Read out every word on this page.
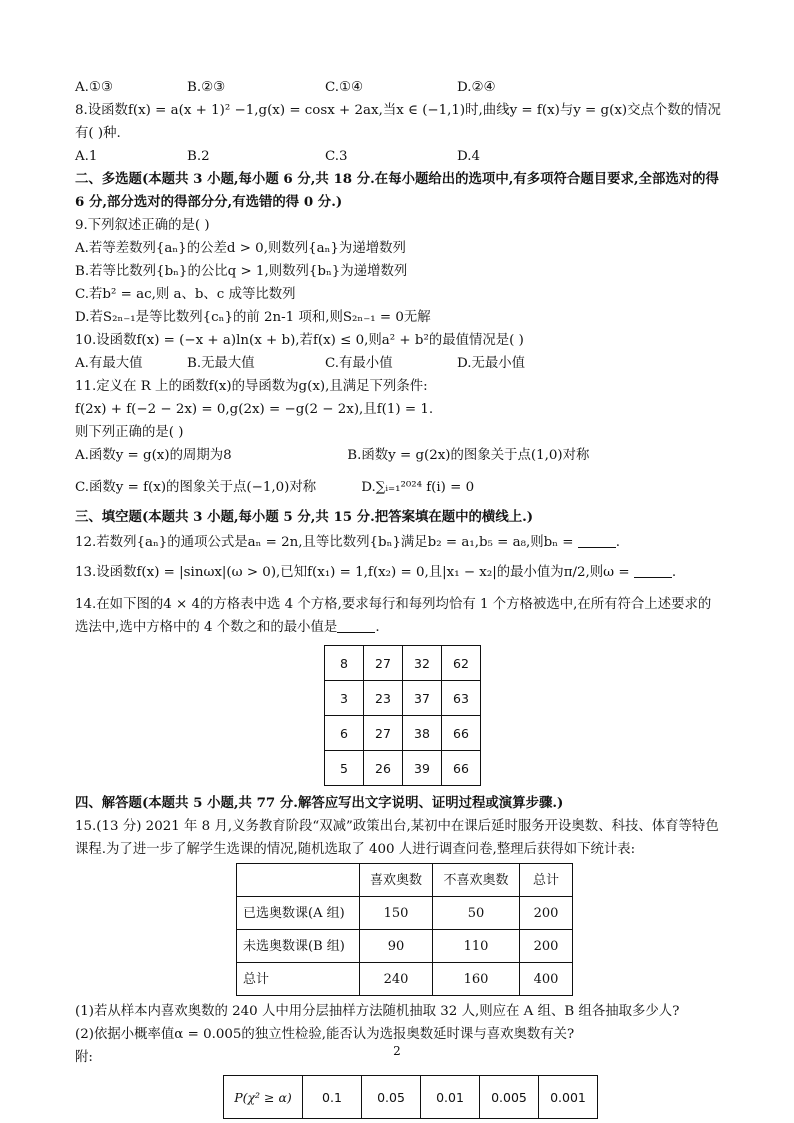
A.①③	B.②③	C.①④	D.②④
8.设函数f(x) = a(x + 1)² −1,g(x) = cosx + 2ax,当x ∈ (−1,1)时,曲线y = f(x)与y = g(x)交点个数的情况
有( )种.
A.1	B.2	C.3	D.4
二、多选题(本题共 3 小题,每小题 6 分,共 18 分.在每小题给出的选项中,有多项符合题目要求,全部选对的得
6 分,部分选对的得部分分,有选错的得 0 分.)
9.下列叙述正确的是( )
A.若等差数列{aₙ}的公差d > 0,则数列{aₙ}为递增数列
B.若等比数列{bₙ}的公比q > 1,则数列{bₙ}为递增数列
C.若b² = ac,则 a、b、c 成等比数列
D.若S₂ₙ₋₁是等比数列{cₙ}的前 2n-1 项和,则S₂ₙ₋₁ = 0无解
10.设函数f(x) = (−x + a)ln(x + b),若f(x) ≤ 0,则a² + b²的最值情况是( )
A.有最大值	B.无最大值	C.有最小值	D.无最小值
11.定义在 R 上的函数f(x)的导函数为g(x),且满足下列条件:
f(2x) + f(−2 − 2x) = 0,g(2x) = −g(2 − 2x),且f(1) = 1.
则下列正确的是( )
A.函数y = g(x)的周期为8	B.函数y = g(2x)的图象关于点(1,0)对称
C.函数y = f(x)的图象关于点(−1,0)对称	D.∑ᵢ₌₁²⁰²⁴ f(i) = 0
三、填空题(本题共 3 小题,每小题 5 分,共 15 分.把答案填在题中的横线上.)
12.若数列{aₙ}的通项公式是aₙ = 2n,且等比数列{bₙ}满足b₂ = a₁,b₅ = a₈,则bₙ =	.
13.设函数f(x) = |sinωx|(ω > 0),已知f(x₁) = 1,f(x₂) = 0,且|x₁ − x₂|的最小值为π/2,则ω =	.
14.在如下图的4 × 4的方格表中选 4 个方格,要求每行和每列均恰有 1 个方格被选中,在所有符合上述要求的
选法中,选中方格中的 4 个数之和的最小值是	.
8	27	32	62
3	23	37	63
6	27	38	66
5	26	39	66
四、解答题(本题共 5 小题,共 77 分.解答应写出文字说明、证明过程或演算步骤.)
15.(13 分) 2021 年 8 月,义务教育阶段“双减”政策出台,某初中在课后延时服务开设奥数、科技、体育等特色
课程.为了进一步了解学生选课的情况,随机选取了 400 人进行调查问卷,整理后获得如下统计表:
	喜欢奥数	不喜欢奥数	总计
已选奥数课(A 组)	150	50	200
未选奥数课(B 组)	90	110	200
总计	240	160	400
(1)若从样本内喜欢奥数的 240 人中用分层抽样方法随机抽取 32 人,则应在 A 组、B 组各抽取多少人?
(2)依据小概率值α = 0.005的独立性检验,能否认为选报奥数延时课与喜欢奥数有关?
附:
P(χ² ≥ α)	0.1	0.05	0.01	0.005	0.001
2
